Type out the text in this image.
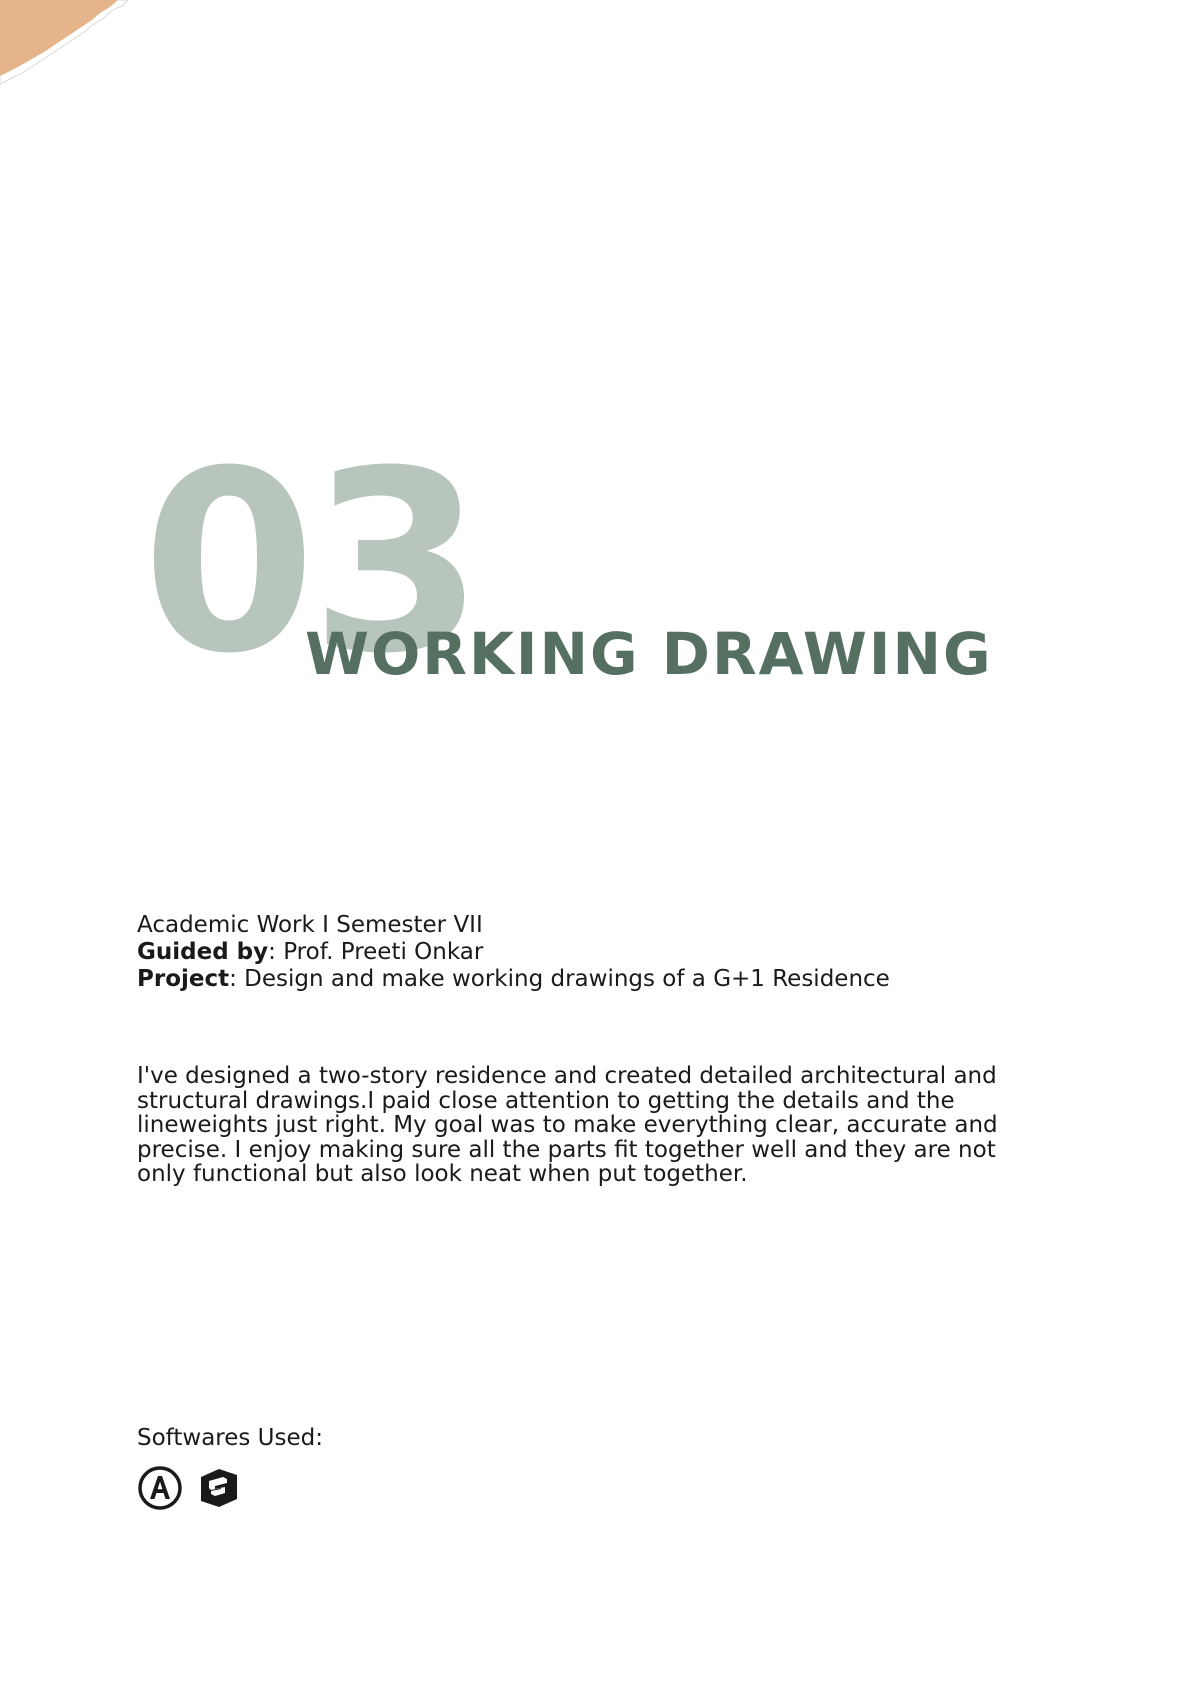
03
WORKING DRAWING
Academic Work I Semester VII
Guided by: Prof. Preeti Onkar
Project: Design and make working drawings of a G+1 Residence

I've designed a two-story residence and created detailed architectural and structural drawings.I paid close attention to getting the details and the lineweights just right. My goal was to make everything clear, accurate and precise. I enjoy making sure all the parts fit together well and they are not only functional but also look neat when put together.

Softwares Used:
